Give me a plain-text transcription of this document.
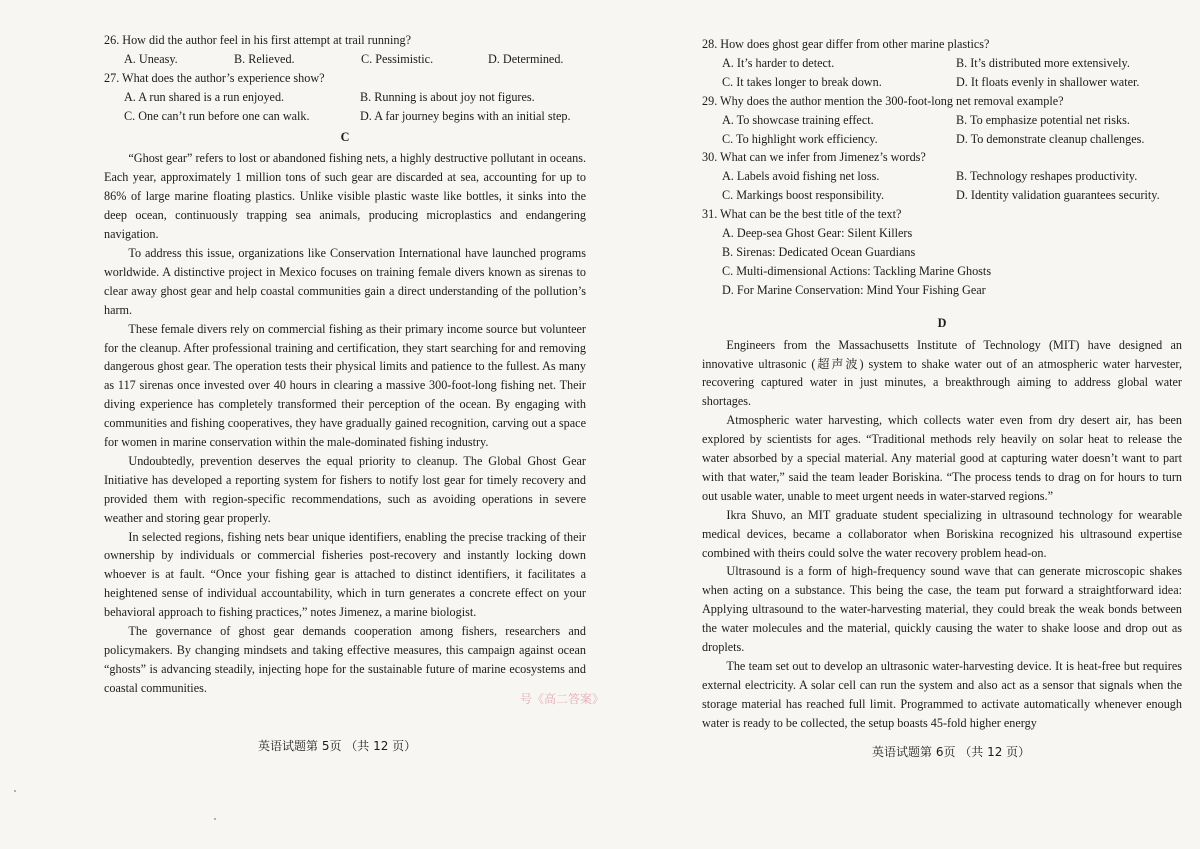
26. How did the author feel in his first attempt at trail running?

A. Uneasy.	B. Relieved.	C. Pessimistic.	D. Determined.

27. What does the author’s experience show?

A. A run shared is a run enjoyed.	B. Running is about joy not figures.
C. One can’t run before one can walk.	D. A far journey begins with an initial step.
C

“Ghost gear” refers to lost or abandoned fishing nets, a highly destructive pollutant in oceans. Each year, approximately 1 million tons of such gear are discarded at sea, accounting for up to 86% of large marine floating plastics. Unlike visible plastic waste like bottles, it sinks into the deep ocean, continuously trapping sea animals, producing microplastics and endangering navigation.

To address this issue, organizations like Conservation International have launched programs worldwide. A distinctive project in Mexico focuses on training female divers known as sirenas to clear away ghost gear and help coastal communities gain a direct understanding of the pollution’s harm.

These female divers rely on commercial fishing as their primary income source but volunteer for the cleanup. After professional training and certification, they start searching for and removing dangerous ghost gear. The operation tests their physical limits and patience to the fullest. As many as 117 sirenas once invested over 40 hours in clearing a massive 300-foot-long fishing net. Their diving experience has completely transformed their perception of the ocean. By engaging with communities and fishing cooperatives, they have gradually gained recognition, carving out a space for women in marine conservation within the male-dominated fishing industry.

Undoubtedly, prevention deserves the equal priority to cleanup. The Global Ghost Gear Initiative has developed a reporting system for fishers to notify lost gear for timely recovery and provided them with region-specific recommendations, such as avoiding operations in severe weather and storing gear properly.

In selected regions, fishing nets bear unique identifiers, enabling the precise tracking of their ownership by individuals or commercial fisheries post-recovery and instantly locking down whoever is at fault. “Once your fishing gear is attached to distinct identifiers, it facilitates a heightened sense of individual accountability, which in turn generates a concrete effect on your behavioral approach to fishing practices,” notes Jimenez, a marine biologist.

The governance of ghost gear demands cooperation among fishers, researchers and policymakers. By changing mindsets and taking effective measures, this campaign against ocean “ghosts” is advancing steadily, injecting hope for the sustainable future of marine ecosystems and coastal communities.

英语试题第 5页 （共 12 页）
号《高二答案》

28. How does ghost gear differ from other marine plastics?

A. It’s harder to detect.	B. It’s distributed more extensively.
C. It takes longer to break down.	D. It floats evenly in shallower water.

29. Why does the author mention the 300-foot-long net removal example?

A. To showcase training effect.	B. To emphasize potential net risks.
C. To highlight work efficiency.	D. To demonstrate cleanup challenges.

30. What can we infer from Jimenez’s words?

A. Labels avoid fishing net loss.	B. Technology reshapes productivity.
C. Markings boost responsibility.	D. Identity validation guarantees security.

31. What can be the best title of the text?

A. Deep-sea Ghost Gear: Silent Killers
B. Sirenas: Dedicated Ocean Guardians
C. Multi-dimensional Actions: Tackling Marine Ghosts
D. For Marine Conservation: Mind Your Fishing Gear
D

Engineers from the Massachusetts Institute of Technology (MIT) have designed an innovative ultrasonic (超声波) system to shake water out of an atmospheric water harvester, recovering captured water in just minutes, a breakthrough aiming to address global water shortages.

Atmospheric water harvesting, which collects water even from dry desert air, has been explored by scientists for ages. “Traditional methods rely heavily on solar heat to release the water absorbed by a special material. Any material good at capturing water doesn’t want to part with that water,” said the team leader Boriskina. “The process tends to drag on for hours to turn out usable water, unable to meet urgent needs in water-starved regions.”

Ikra Shuvo, an MIT graduate student specializing in ultrasound technology for wearable medical devices, became a collaborator when Boriskina recognized his ultrasound expertise combined with theirs could solve the water recovery problem head-on.

Ultrasound is a form of high-frequency sound wave that can generate microscopic shakes when acting on a substance. This being the case, the team put forward a straightforward idea: Applying ultrasound to the water-harvesting material, they could break the weak bonds between the water molecules and the material, quickly causing the water to shake loose and drop out as droplets.

The team set out to develop an ultrasonic water-harvesting device. It is heat-free but requires external electricity. A solar cell can run the system and also act as a sensor that signals when the storage material has reached full limit. Programmed to activate automatically whenever enough water is ready to be collected, the setup boasts 45-fold higher energy

英语试题第 6页 （共 12 页）
